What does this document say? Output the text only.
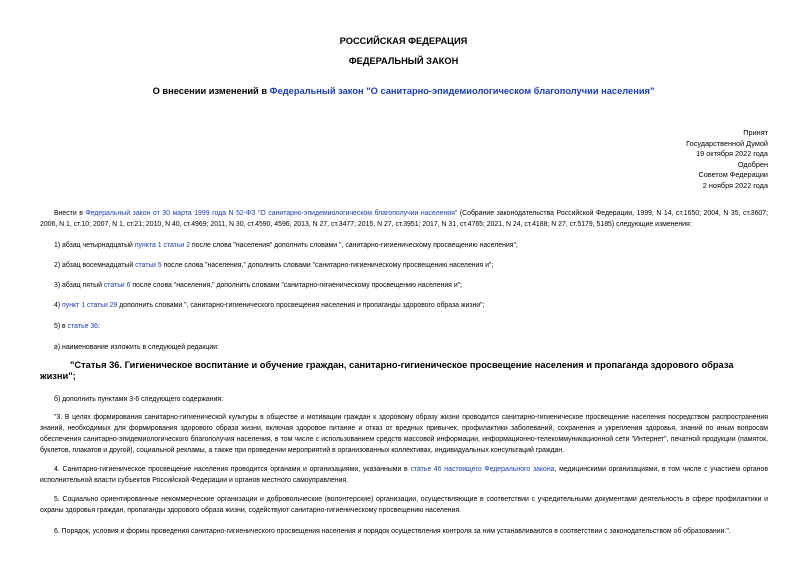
РОССИЙСКАЯ ФЕДЕРАЦИЯ
ФЕДЕРАЛЬНЫЙ ЗАКОН
О внесении изменений в Федеральный закон "О санитарно-эпидемиологическом благополучии населения"
Принят
Государственной Думой
19 октября 2022 года
Одобрен
Советом Федерации
2 ноября 2022 года
Внести в Федеральный закон от 30 марта 1999 года N 52-ФЗ "О санитарно-эпидемиологическом благополучии населения" (Собрание законодательства Российской Федерации, 1999, N 14, ст.1650; 2004, N 35, ст.3607; 2006, N 1, ст.10; 2007, N 1, ст.21; 2010, N 40, ст.4969; 2011, N 30, ст.4590, 4596; 2013, N 27, ст.3477; 2015, N 27, ст.3951; 2017, N 31, ст.4765; 2021, N 24, ст.4188; N 27, ст.5179, 5185) следующие изменения:
1) абзац четырнадцатый пункта 1 статьи 2 после слова "населения" дополнить словами ", санитарно-гигиеническому просвещению населения";
2) абзац восемнадцатый статьи 5 после слова "населения," дополнить словами "санитарно-гигиеническому просвещению населения и";
3) абзац пятый статьи 6 после слова "населения," дополнить словами "санитарно-гигиеническому просвещению населения и";
4) пункт 1 статьи 29 дополнить словами ", санитарно-гигиенического просвещения населения и пропаганды здорового образа жизни";
5) в статье 36:
а) наименование изложить в следующей редакции:
"Статья 36. Гигиеническое воспитание и обучение граждан, санитарно-гигиеническое просвещение населения и пропаганда здорового образа жизни";
б) дополнить пунктами 3-6 следующего содержания:
"3. В целях формирования санитарно-гигиенической культуры в обществе и мотивации граждан к здоровому образу жизни проводится санитарно-гигиеническое просвещение населения посредством распространения знаний, необходимых для формирования здорового образа жизни, включая здоровое питание и отказ от вредных привычек, профилактики заболеваний, сохранения и укрепления здоровья, знаний по иным вопросам обеспечения санитарно-эпидемиологического благополучия населения, в том числе с использованием средств массовой информации, информационно-телекоммуникационной сети "Интернет", печатной продукции (памяток, буклетов, плакатов и другой), социальной рекламы, а также при проведении мероприятий в организованных коллективах, индивидуальных консультаций граждан.
4. Санитарно-гигиеническое просвещение населения проводится органами и организациями, указанными в статье 46 настоящего Федерального закона, медицинскими организациями, в том числе с участием органов исполнительной власти субъектов Российской Федерации и органов местного самоуправления.
5. Социально ориентированные некоммерческие организации и добровольческие (волонтерские) организации, осуществляющие в соответствии с учредительными документами деятельность в сфере профилактики и охраны здоровья граждан, пропаганды здорового образа жизни, содействуют санитарно-гигиеническому просвещению населения.
6. Порядок, условия и формы проведения санитарно-гигиенического просвещения населения и порядок осуществления контроля за ним устанавливаются в соответствии с законодательством об образовании.".
